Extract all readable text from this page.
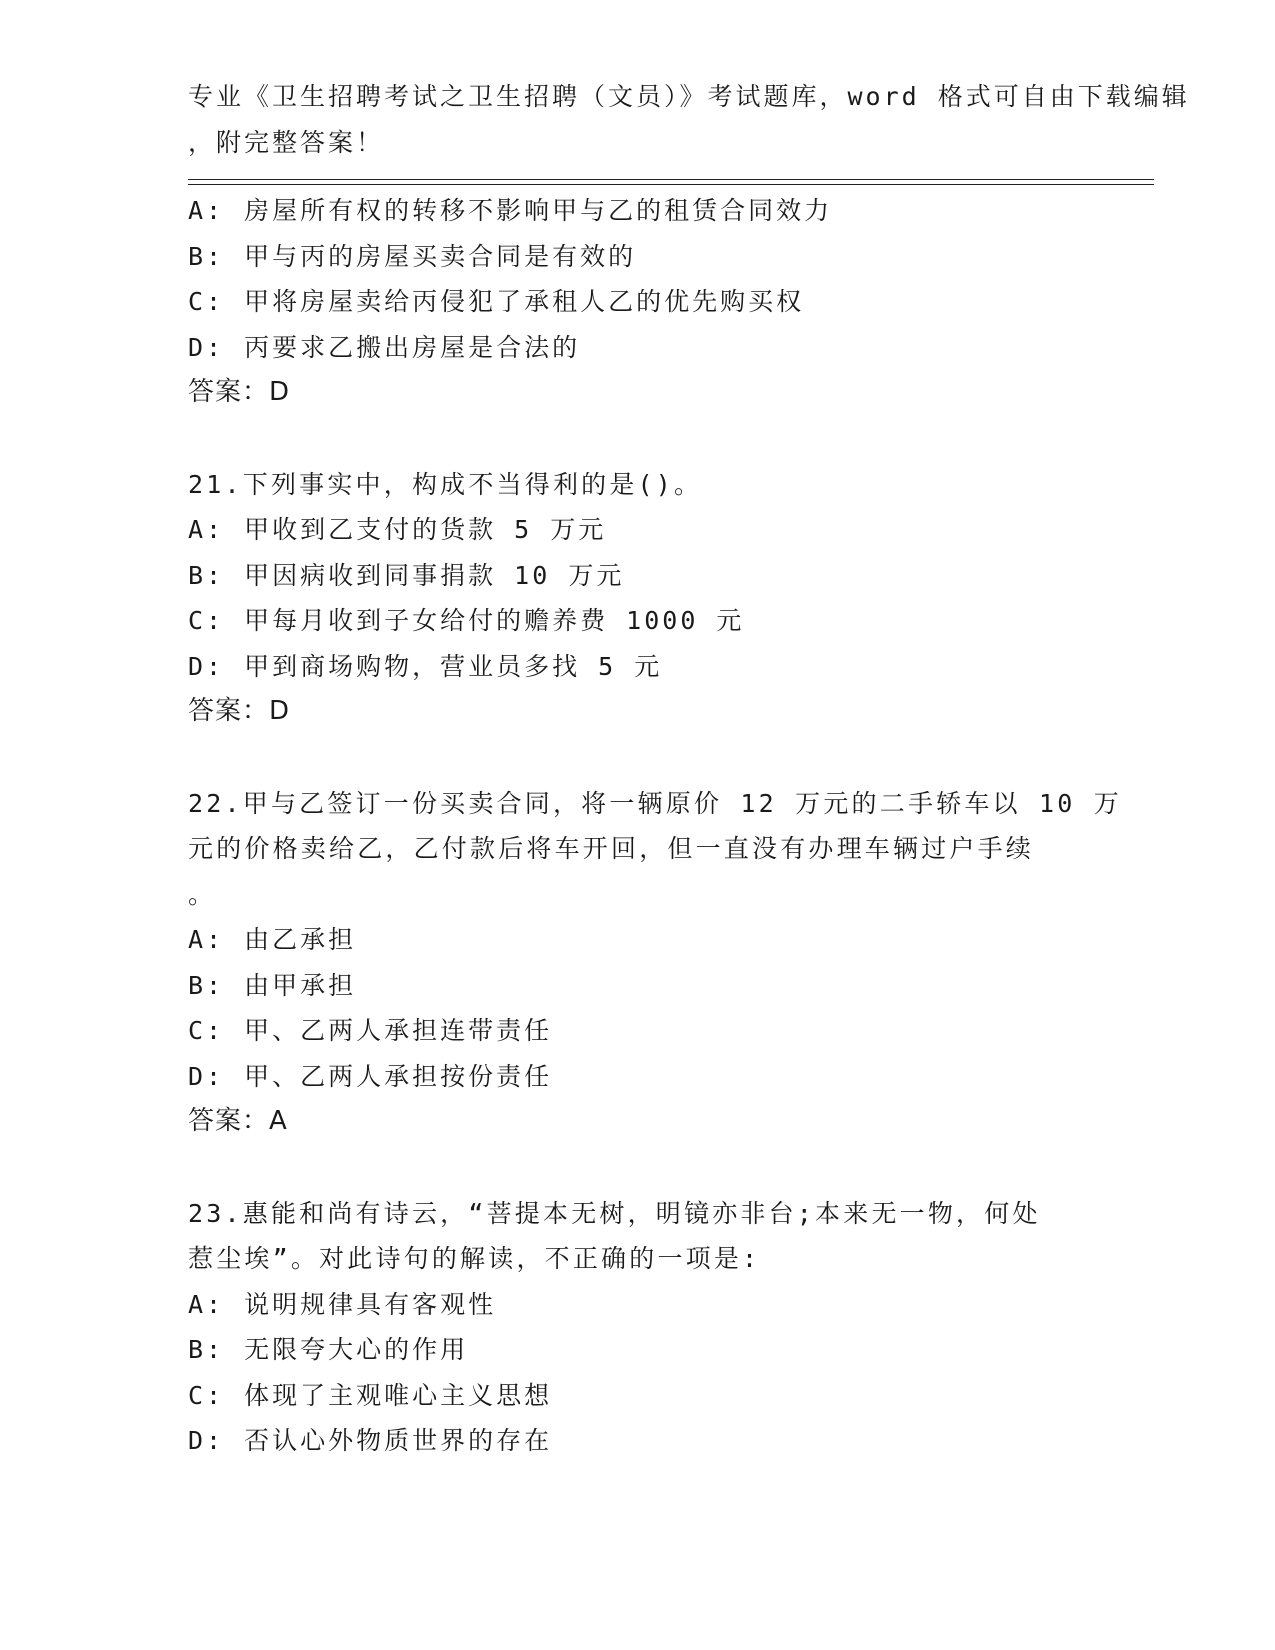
专业《卫生招聘考试之卫生招聘（文员）》考试题库，word 格式可自由下载编辑
，附完整答案！
A: 房屋所有权的转移不影响甲与乙的租赁合同效力
B: 甲与丙的房屋买卖合同是有效的
C: 甲将房屋卖给丙侵犯了承租人乙的优先购买权
D: 丙要求乙搬出房屋是合法的
答案：D
21.下列事实中，构成不当得利的是()。
A: 甲收到乙支付的货款 5 万元
B: 甲因病收到同事捐款 10 万元
C: 甲每月收到子女给付的赡养费 1000 元
D: 甲到商场购物，营业员多找 5 元
答案：D
22.甲与乙签订一份买卖合同，将一辆原价 12 万元的二手轿车以 10 万
元的价格卖给乙，乙付款后将车开回，但一直没有办理车辆过户手续
。
A: 由乙承担
B: 由甲承担
C: 甲、乙两人承担连带责任
D: 甲、乙两人承担按份责任
答案：A
23.惠能和尚有诗云，“菩提本无树，明镜亦非台;本来无一物，何处
惹尘埃”。对此诗句的解读，不正确的一项是:
A: 说明规律具有客观性
B: 无限夸大心的作用
C: 体现了主观唯心主义思想
D: 否认心外物质世界的存在
